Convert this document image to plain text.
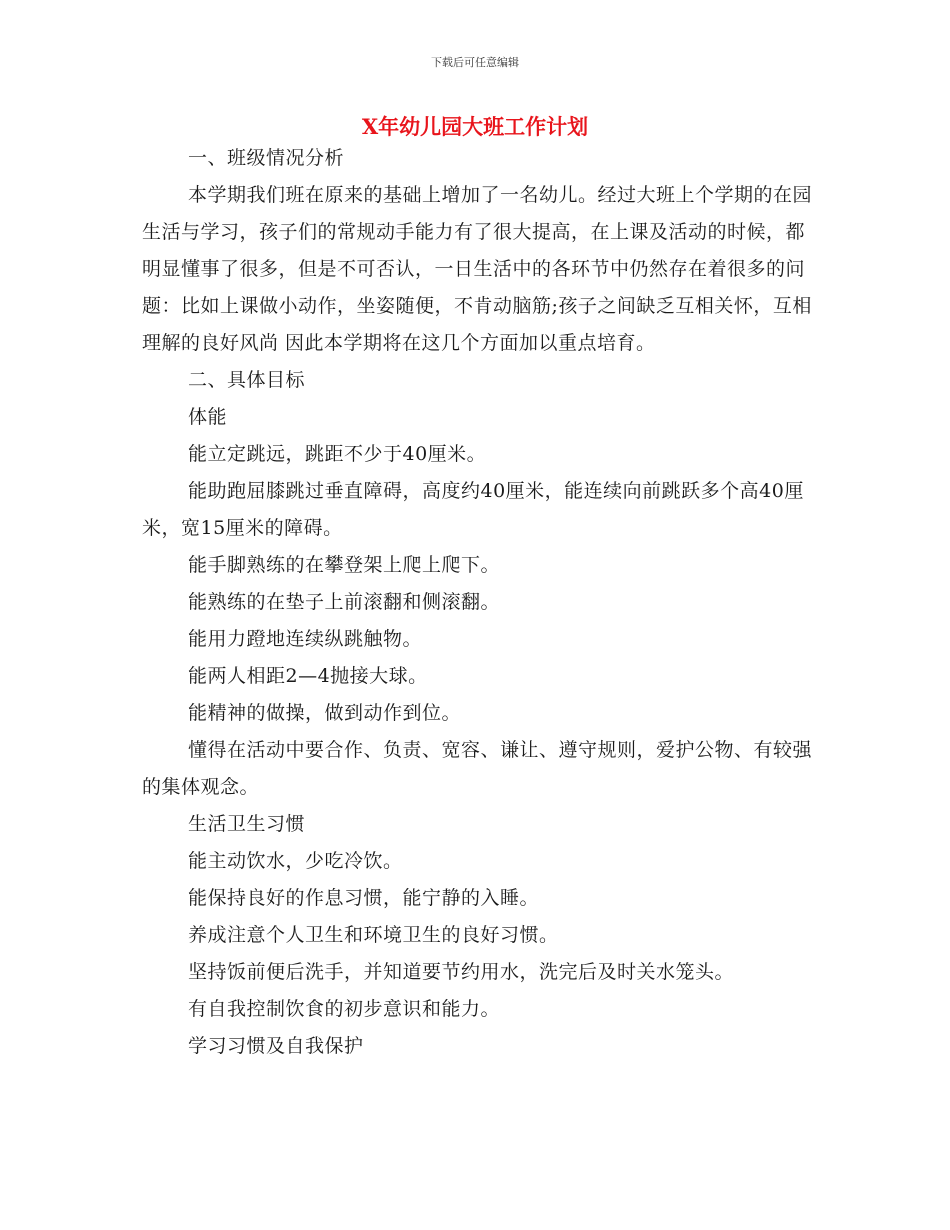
下载后可任意编辑
X年幼儿园大班工作计划

一、班级情况分析

本学期我们班在原来的基础上增加了一名幼儿。经过大班上个学期的在园生活与学习，孩子们的常规动手能力有了很大提高，在上课及活动的时候，都明显懂事了很多，但是不可否认，一日生活中的各环节中仍然存在着很多的问题：比如上课做小动作，坐姿随便，不肯动脑筋;孩子之间缺乏互相关怀，互相理解的良好风尚 因此本学期将在这几个方面加以重点培育。

二、具体目标

体能

能立定跳远，跳距不少于40厘米。

能助跑屈膝跳过垂直障碍，高度约40厘米，能连续向前跳跃多个高40厘米，宽15厘米的障碍。

能手脚熟练的在攀登架上爬上爬下。

能熟练的在垫子上前滚翻和侧滚翻。

能用力蹬地连续纵跳触物。

能两人相距2—4抛接大球。

能精神的做操，做到动作到位。

懂得在活动中要合作、负责、宽容、谦让、遵守规则，爱护公物、有较强的集体观念。

生活卫生习惯

能主动饮水，少吃冷饮。

能保持良好的作息习惯，能宁静的入睡。

养成注意个人卫生和环境卫生的良好习惯。

坚持饭前便后洗手，并知道要节约用水，洗完后及时关水笼头。

有自我控制饮食的初步意识和能力。

学习习惯及自我保护
